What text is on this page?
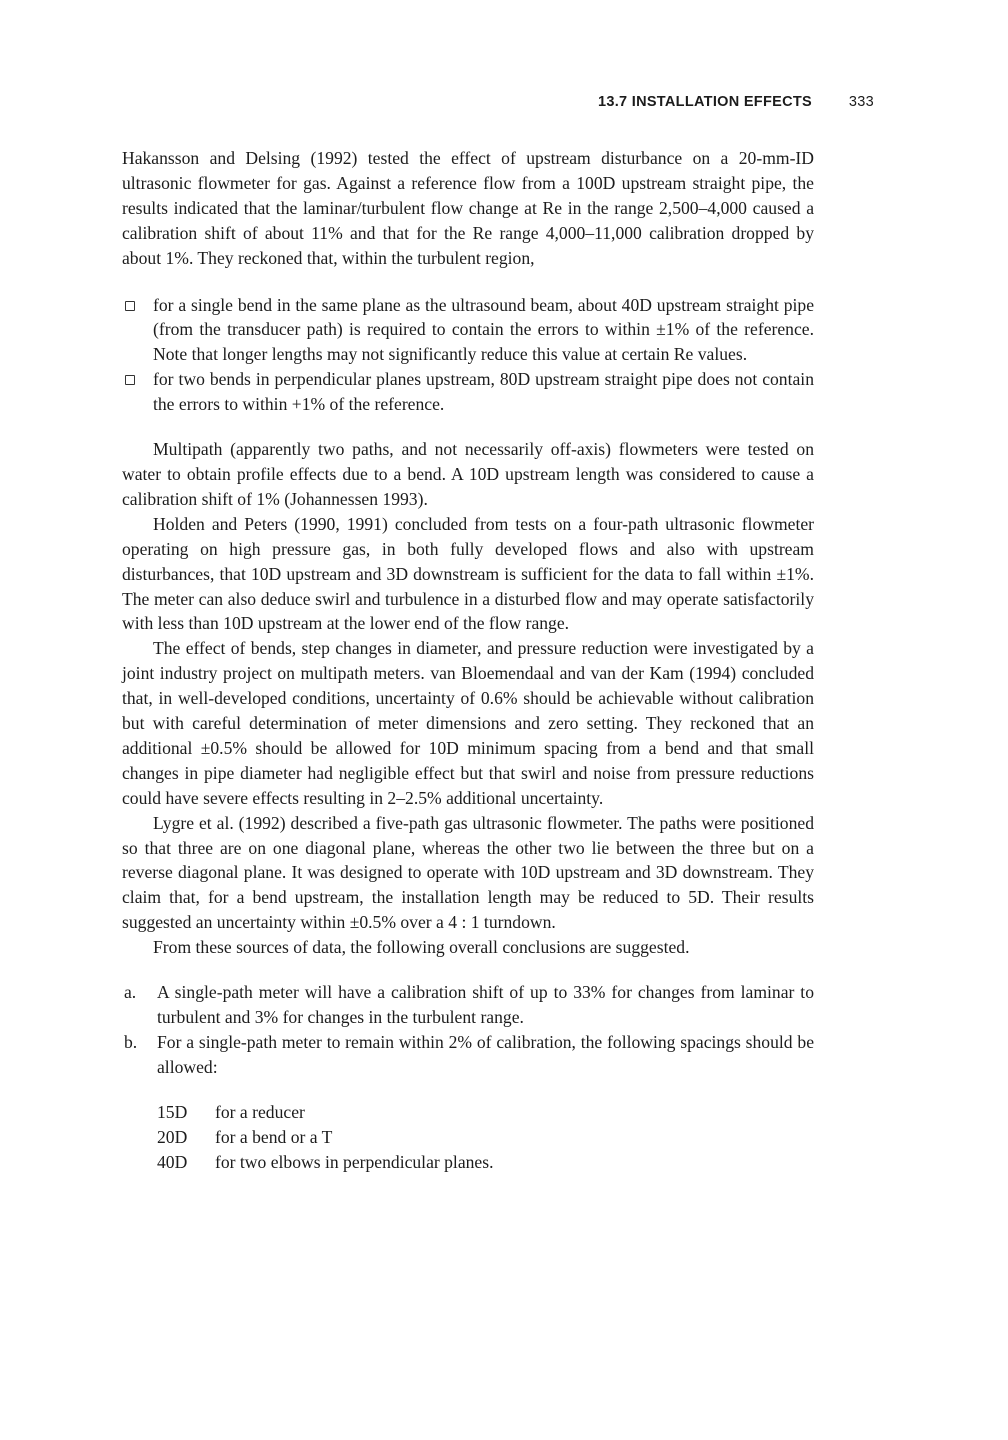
13.7 INSTALLATION EFFECTS	333

Hakansson and Delsing (1992) tested the effect of upstream disturbance on a 20-mm-ID ultrasonic flowmeter for gas. Against a reference flow from a 100D upstream straight pipe, the results indicated that the laminar/turbulent flow change at Re in the range 2,500–4,000 caused a calibration shift of about 11% and that for the Re range 4,000–11,000 calibration dropped by about 1%. They reckoned that, within the turbulent region,

for a single bend in the same plane as the ultrasound beam, about 40D upstream straight pipe (from the transducer path) is required to contain the errors to within ±1% of the reference. Note that longer lengths may not significantly reduce this value at certain Re values.
for two bends in perpendicular planes upstream, 80D upstream straight pipe does not contain the errors to within +1% of the reference.

Multipath (apparently two paths, and not necessarily off-axis) flowmeters were tested on water to obtain profile effects due to a bend. A 10D upstream length was considered to cause a calibration shift of 1% (Johannessen 1993).

Holden and Peters (1990, 1991) concluded from tests on a four-path ultrasonic flowmeter operating on high pressure gas, in both fully developed flows and also with upstream disturbances, that 10D upstream and 3D downstream is sufficient for the data to fall within ±1%. The meter can also deduce swirl and turbulence in a disturbed flow and may operate satisfactorily with less than 10D upstream at the lower end of the flow range.

The effect of bends, step changes in diameter, and pressure reduction were investigated by a joint industry project on multipath meters. van Bloemendaal and van der Kam (1994) concluded that, in well-developed conditions, uncertainty of 0.6% should be achievable without calibration but with careful determination of meter dimensions and zero setting. They reckoned that an additional ±0.5% should be allowed for 10D minimum spacing from a bend and that small changes in pipe diameter had negligible effect but that swirl and noise from pressure reductions could have severe effects resulting in 2–2.5% additional uncertainty.

Lygre et al. (1992) described a five-path gas ultrasonic flowmeter. The paths were positioned so that three are on one diagonal plane, whereas the other two lie between the three but on a reverse diagonal plane. It was designed to operate with 10D upstream and 3D downstream. They claim that, for a bend upstream, the installation length may be reduced to 5D. Their results suggested an uncertainty within ±0.5% over a 4 : 1 turndown.

From these sources of data, the following overall conclusions are suggested.

a. A single-path meter will have a calibration shift of up to 33% for changes from laminar to turbulent and 3% for changes in the turbulent range.
b. For a single-path meter to remain within 2% of calibration, the following spacings should be allowed:
15D	for a reducer
20D	for a bend or a T
40D	for two elbows in perpendicular planes.
